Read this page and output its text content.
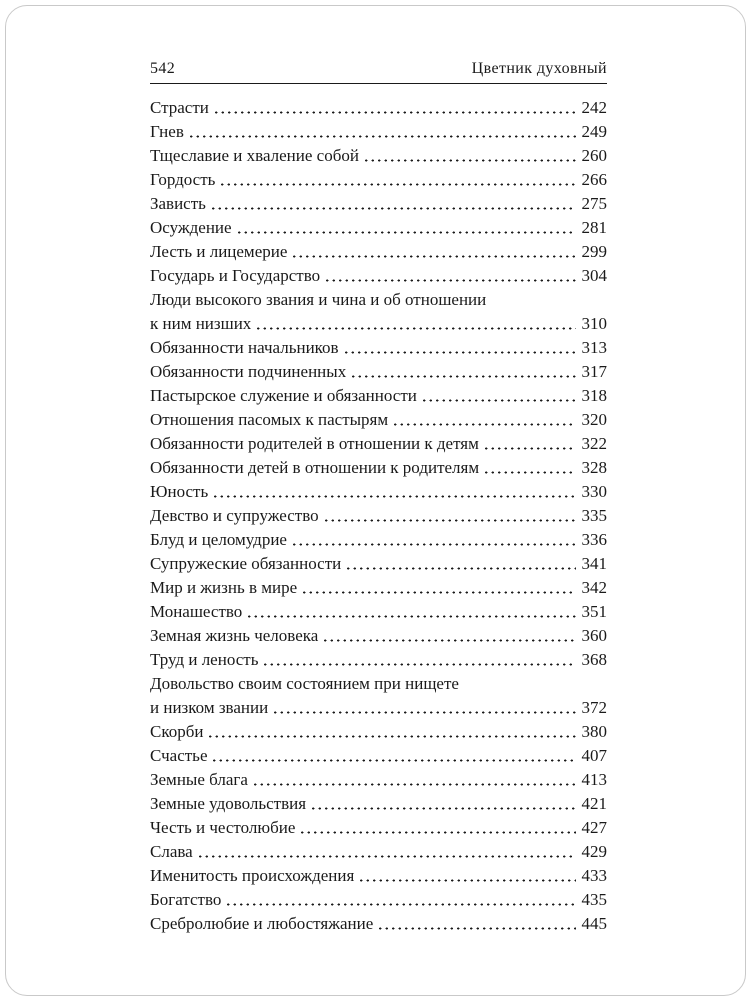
542	Цветник духовный
Страсти	242
Гнев	249
Тщеславие и хваление собой	260
Гордость	266
Зависть	275
Осуждение	281
Лесть и лицемерие	299
Государь и Государство	304
Люди высокого звания и чина и об отношении
к ним низших	310
Обязанности начальников	313
Обязанности подчиненных	317
Пастырское служение и обязанности	318
Отношения пасомых к пастырям	320
Обязанности родителей в отношении к детям	322
Обязанности детей в отношении к родителям	328
Юность	330
Девство и супружество	335
Блуд и целомудрие	336
Супружеские обязанности	341
Мир и жизнь в мире	342
Монашество	351
Земная жизнь человека	360
Труд и леность	368
Довольство своим состоянием при нищете
и низком звании	372
Скорби	380
Счастье	407
Земные блага	413
Земные удовольствия	421
Честь и честолюбие	427
Слава	429
Именитость происхождения	433
Богатство	435
Сребролюбие и любостяжание	445
